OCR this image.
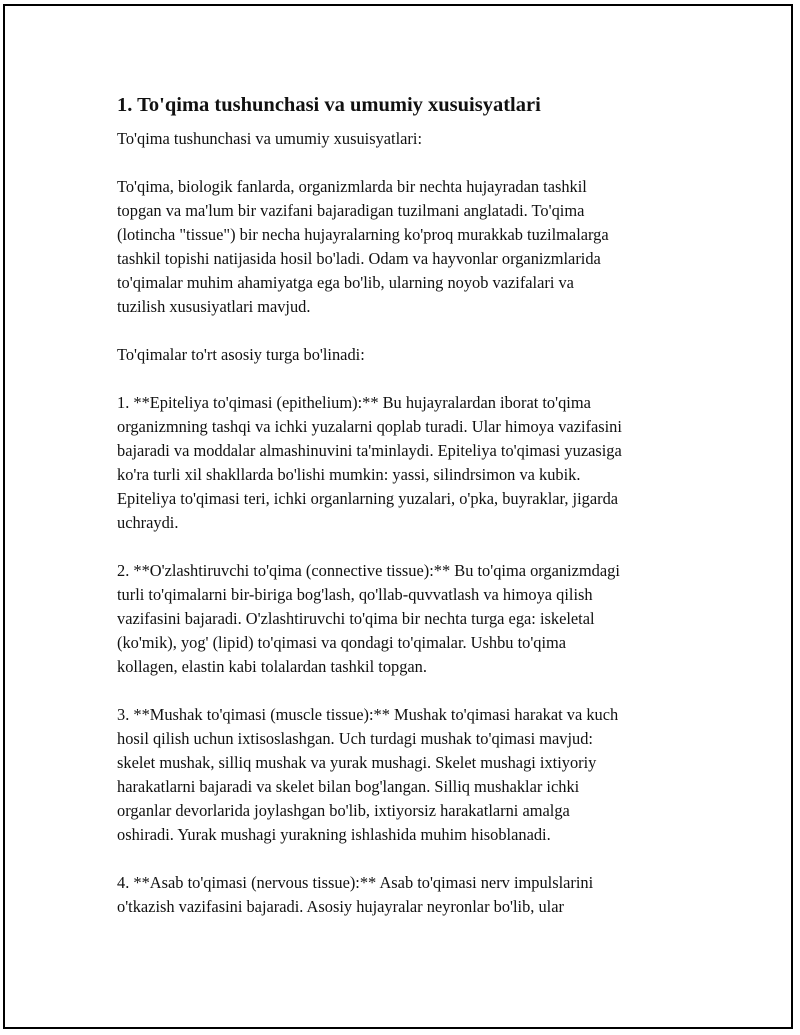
1. To'qima tushunchasi va umumiy xusuisyatlari

To'qima tushunchasi va umumiy xusuisyatlari:

To'qima, biologik fanlarda, organizmlarda bir nechta hujayradan tashkil
topgan va ma'lum bir vazifani bajaradigan tuzilmani anglatadi. To'qima
(lotincha "tissue") bir necha hujayralarning ko'proq murakkab tuzilmalarga
tashkil topishi natijasida hosil bo'ladi. Odam va hayvonlar organizmlarida
to'qimalar muhim ahamiyatga ega bo'lib, ularning noyob vazifalari va
tuzilish xususiyatlari mavjud.

To'qimalar to'rt asosiy turga bo'linadi:

1. **Epiteliya to'qimasi (epithelium):** Bu hujayralardan iborat to'qima
organizmning tashqi va ichki yuzalarni qoplab turadi. Ular himoya vazifasini
bajaradi va moddalar almashinuvini ta'minlaydi. Epiteliya to'qimasi yuzasiga
ko'ra turli xil shakllarda bo'lishi mumkin: yassi, silindrsimon va kubik.
Epiteliya to'qimasi teri, ichki organlarning yuzalari, o'pka, buyraklar, jigarda
uchraydi.

2. **O'zlashtiruvchi to'qima (connective tissue):** Bu to'qima organizmdagi
turli to'qimalarni bir-biriga bog'lash, qo'llab-quvvatlash va himoya qilish
vazifasini bajaradi. O'zlashtiruvchi to'qima bir nechta turga ega: iskeletal
(ko'mik), yog' (lipid) to'qimasi va qondagi to'qimalar. Ushbu to'qima
kollagen, elastin kabi tolalardan tashkil topgan.

3. **Mushak to'qimasi (muscle tissue):** Mushak to'qimasi harakat va kuch
hosil qilish uchun ixtisoslashgan. Uch turdagi mushak to'qimasi mavjud:
skelet mushak, silliq mushak va yurak mushagi. Skelet mushagi ixtiyoriy
harakatlarni bajaradi va skelet bilan bog'langan. Silliq mushaklar ichki
organlar devorlarida joylashgan bo'lib, ixtiyorsiz harakatlarni amalga
oshiradi. Yurak mushagi yurakning ishlashida muhim hisoblanadi.

4. **Asab to'qimasi (nervous tissue):** Asab to'qimasi nerv impulslarini
o'tkazish vazifasini bajaradi. Asosiy hujayralar neyronlar bo'lib, ular
